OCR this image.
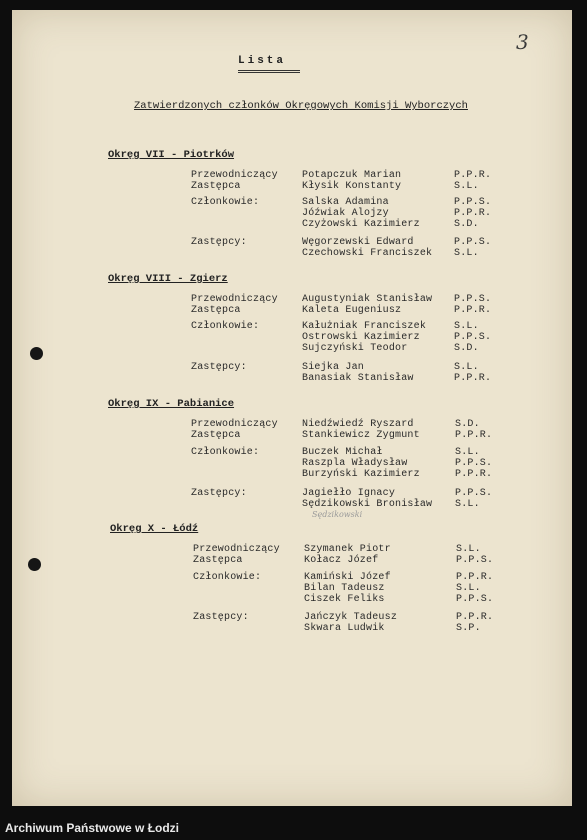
3
Lista
Zatwierdzonych członków Okręgowych Komisji Wyborczych
Okręg VII - Piotrków
Przewodniczący Potapczuk Marian	P.P.R.
Zastępca	Kłysik Konstanty	S.L.
Członkowie:	Salska Adamina	P.P.S.
Jóźwiak Alojzy	P.P.R.
Czyżowski Kazimierz	S.D.
Zastępcy:	Węgorzewski Edward	P.P.S.
Czechowski Franciszek S.L.
Okręg VIII - Zgierz
Przewodniczący Augustyniak Stanisław P.P.S.
Zastępca	Kaleta Eugeniusz	P.P.R.
Członkowie:	Kałużniak Franciszek	S.L.
Ostrowski Kazimierz	P.P.S.
Sujczyński Teodor	S.D.
Zastępcy:	Siejka Jan	S.L.
Banasiak Stanisław	P.P.R.
Okręg IX - Pabianice
Przewodniczący Niedźwiedź Ryszard	S.D.
Zastępca	Stankiewicz Zygmunt	P.P.R.
Członkowie:	Buczek Michał	S.L.
Raszpla Władysław	P.P.S.
Burzyński Kazimierz	P.P.R.
Zastępcy:	Jagiełło Ignacy	P.P.S.
Sędzikowski Bronisław S.L.
Okręg X - Łódź
Przewodniczący Szymanek Piotr	S.L.
Zastępca	Kołacz Józef	P.P.S.
Członkowie:	Kamiński Józef	P.P.R.
Bilan Tadeusz	S.L.
Ciszek Feliks	P.P.S.
Zastępcy:	Jańczyk Tadeusz	P.P.R.
Skwara Ludwik	S.P.
Sędzikowski
Archiwum Państwowe w Łodzi
